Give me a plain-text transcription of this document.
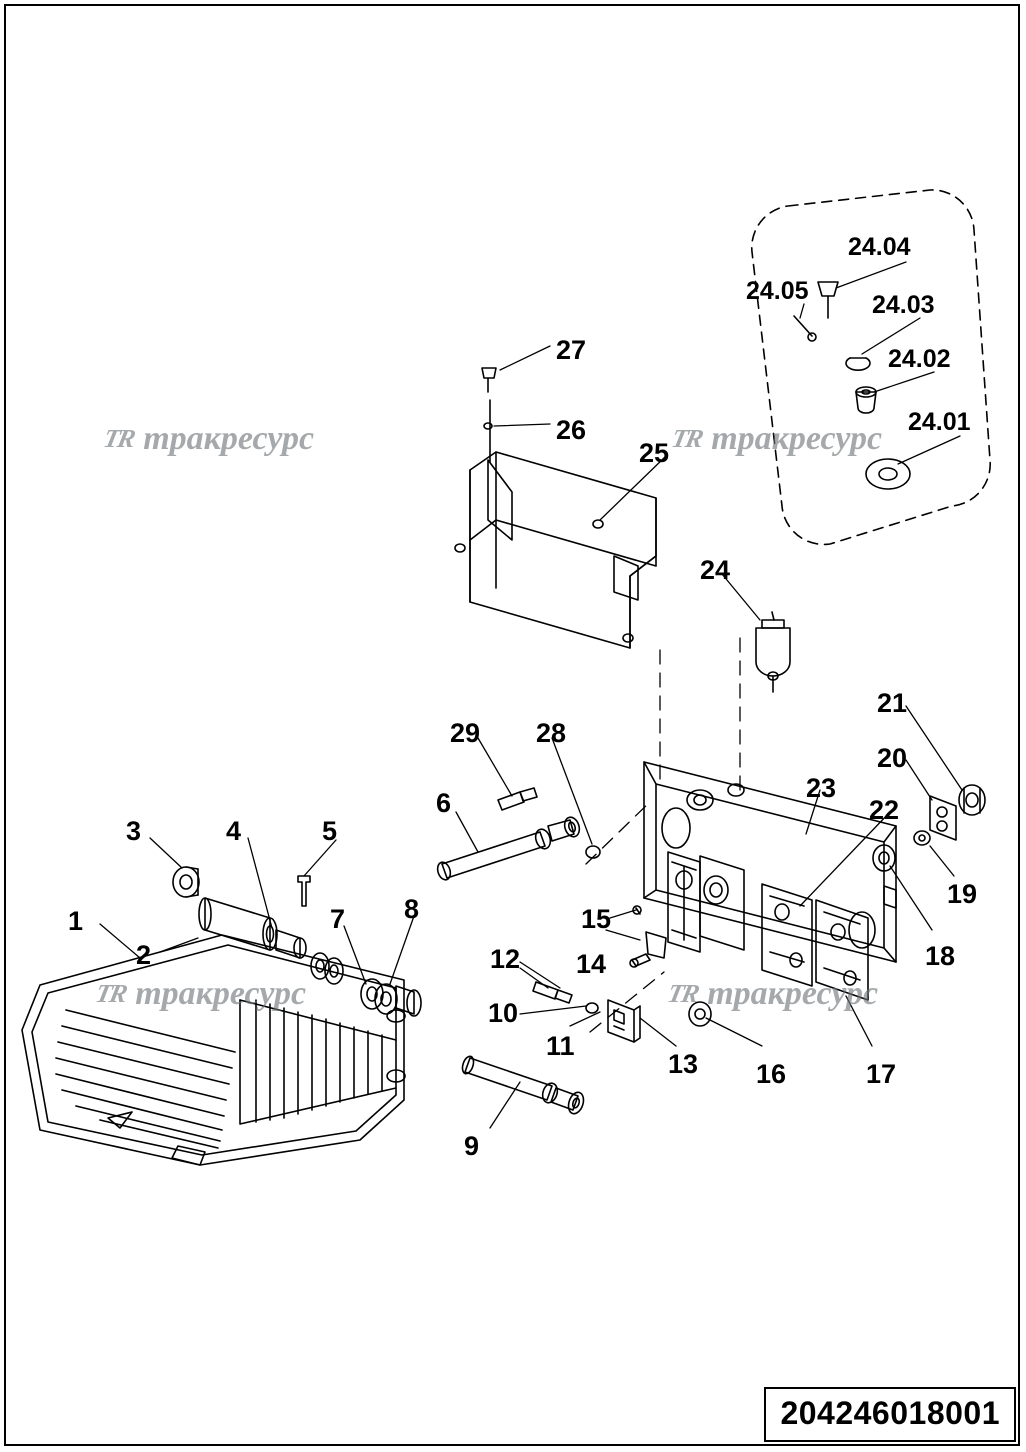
TR тракресурс	TR тракресурс
TR тракресурс	TR тракресурс
1
2
3	4	5
6
7 8
9
10
11
12
13
14
15
16	17
18
19
20
21
22
23
24
25
26
27
28
29
24.01
24.02
24.03
24.04
24.05
204246018001
